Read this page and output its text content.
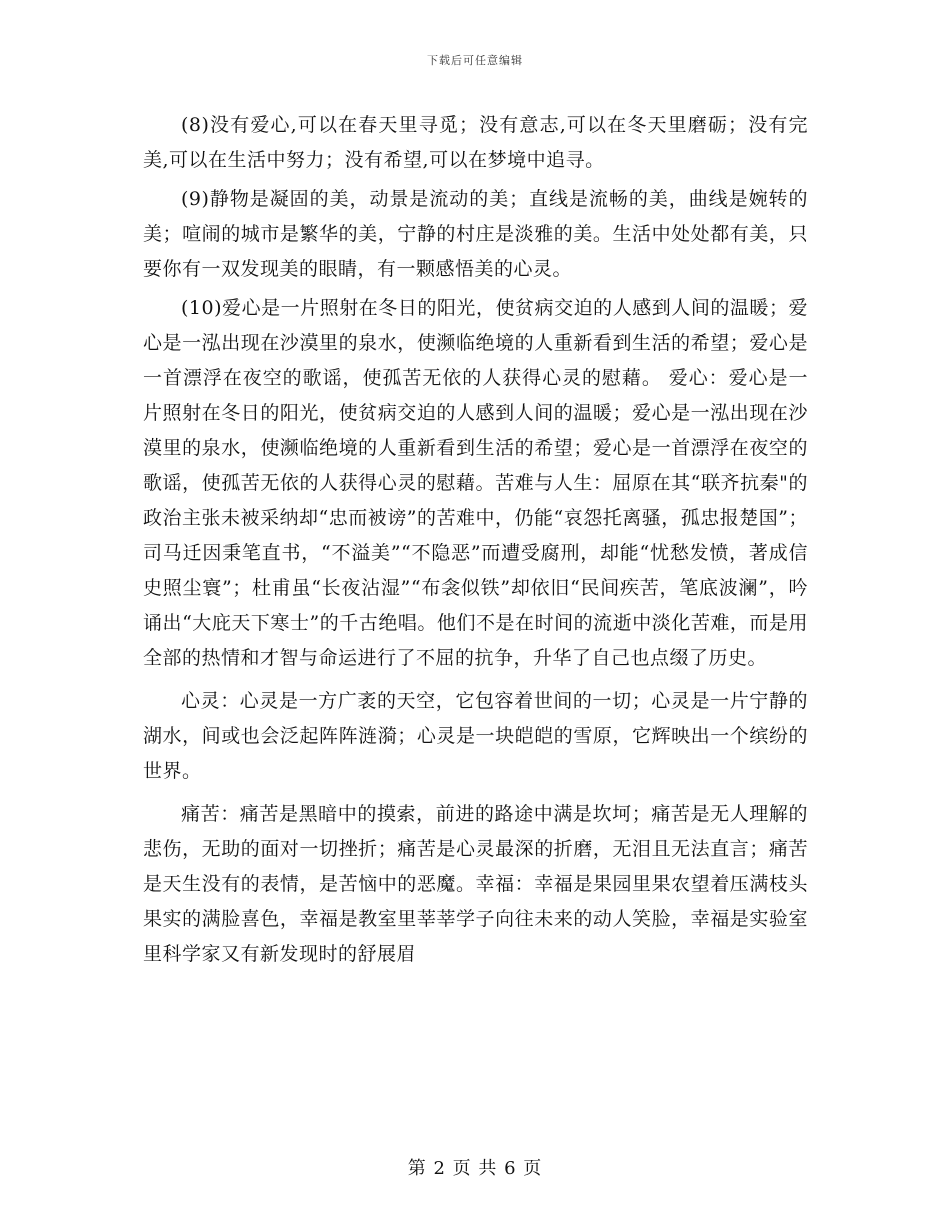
下载后可任意编辑

(8)没有爱心,可以在春天里寻觅；没有意志,可以在冬天里磨砺；没有完美,可以在生活中努力；没有希望,可以在梦境中追寻。

(9)静物是凝固的美，动景是流动的美；直线是流畅的美，曲线是婉转的美；喧闹的城市是繁华的美，宁静的村庄是淡雅的美。生活中处处都有美，只要你有一双发现美的眼睛，有一颗感悟美的心灵。

(10)爱心是一片照射在冬日的阳光，使贫病交迫的人感到人间的温暖；爱心是一泓出现在沙漠里的泉水，使濒临绝境的人重新看到生活的希望；爱心是一首漂浮在夜空的歌谣，使孤苦无依的人获得心灵的慰藉。 爱心：爱心是一片照射在冬日的阳光，使贫病交迫的人感到人间的温暖；爱心是一泓出现在沙漠里的泉水，使濒临绝境的人重新看到生活的希望；爱心是一首漂浮在夜空的歌谣，使孤苦无依的人获得心灵的慰藉。苦难与人生：屈原在其“联齐抗秦"的政治主张未被采纳却“忠而被谤”的苦难中，仍能“哀怨托离骚，孤忠报楚国”；司马迁因秉笔直书，“不溢美”“不隐恶”而遭受腐刑，却能“忧愁发愤，著成信史照尘寰”；杜甫虽“长夜沾湿”“布衾似铁”却依旧“民间疾苦，笔底波澜”，吟诵出“大庇天下寒士”的千古绝唱。他们不是在时间的流逝中淡化苦难，而是用全部的热情和才智与命运进行了不屈的抗争，升华了自己也点缀了历史。

心灵：心灵是一方广袤的天空，它包容着世间的一切；心灵是一片宁静的湖水，间或也会泛起阵阵涟漪；心灵是一块皑皑的雪原，它辉映出一个缤纷的世界。

痛苦：痛苦是黑暗中的摸索，前进的路途中满是坎坷；痛苦是无人理解的悲伤，无助的面对一切挫折；痛苦是心灵最深的折磨，无泪且无法直言；痛苦是天生没有的表情，是苦恼中的恶魔。幸福：幸福是果园里果农望着压满枝头果实的满脸喜色，幸福是教室里莘莘学子向往未来的动人笑脸，幸福是实验室里科学家又有新发现时的舒展眉

第 2 页 共 6 页
